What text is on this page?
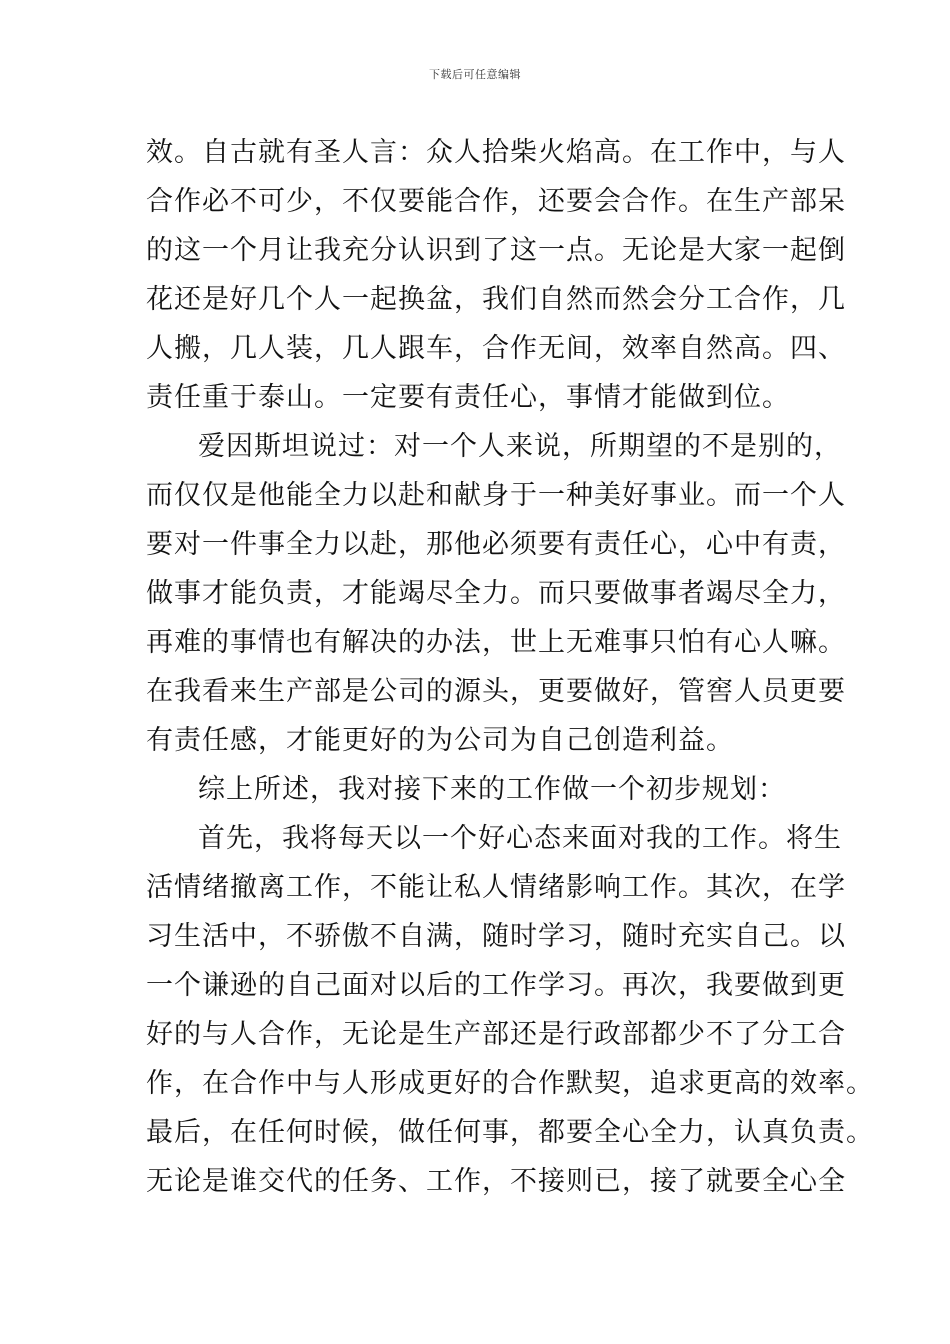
下载后可任意编辑
效。自古就有圣人言：众人拾柴火焰高。在工作中，与人
合作必不可少，不仅要能合作，还要会合作。在生产部呆
的这一个月让我充分认识到了这一点。无论是大家一起倒
花还是好几个人一起换盆，我们自然而然会分工合作，几
人搬，几人装，几人跟车，合作无间，效率自然高。四、
责任重于泰山。一定要有责任心，事情才能做到位。
爱因斯坦说过：对一个人来说，所期望的不是别的，
而仅仅是他能全力以赴和献身于一种美好事业。而一个人
要对一件事全力以赴，那他必须要有责任心，心中有责，
做事才能负责，才能竭尽全力。而只要做事者竭尽全力，
再难的事情也有解决的办法，世上无难事只怕有心人嘛。
在我看来生产部是公司的源头，更要做好，管窖人员更要
有责任感，才能更好的为公司为自己创造利益。
综上所述，我对接下来的工作做一个初步规划：
首先，我将每天以一个好心态来面对我的工作。将生
活情绪撤离工作，不能让私人情绪影响工作。其次，在学
习生活中，不骄傲不自满，随时学习，随时充实自己。以
一个谦逊的自己面对以后的工作学习。再次，我要做到更
好的与人合作，无论是生产部还是行政部都少不了分工合
作，在合作中与人形成更好的合作默契，追求更高的效率。
最后，在任何时候，做任何事，都要全心全力，认真负责。
无论是谁交代的任务、工作，不接则已，接了就要全心全
